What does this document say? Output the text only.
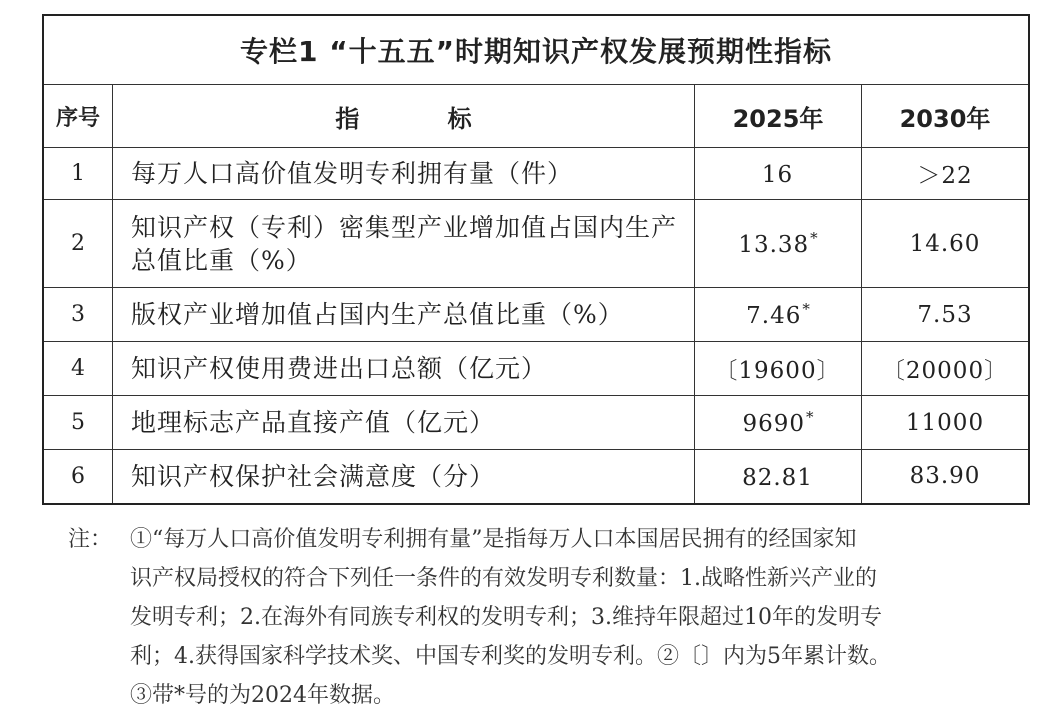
专栏1 “十五五”时期知识产权发展预期性指标			
序号	指 标	2025年	2030年
1	每万人口高价值发明专利拥有量（件）	16	＞22
2	知识产权（专利）密集型产业增加值占国内生产总值比重（%）	13.38*	14.60
3	版权产业增加值占国内生产总值比重（%）	7.46*	7.53
4	知识产权使用费进出口总额（亿元）	〔19600〕	〔20000〕
5	地理标志产品直接产值（亿元）	9690*	11000
6	知识产权保护社会满意度（分）	82.81	83.90
注： ①“每万人口高价值发明专利拥有量”是指每万人口本国居民拥有的经国家知
识产权局授权的符合下列任一条件的有效发明专利数量：1.战略性新兴产业的
发明专利；2.在海外有同族专利权的发明专利；3.维持年限超过10年的发明专
利；4.获得国家科学技术奖、中国专利奖的发明专利。②〔〕内为5年累计数。
③带*号的为2024年数据。
